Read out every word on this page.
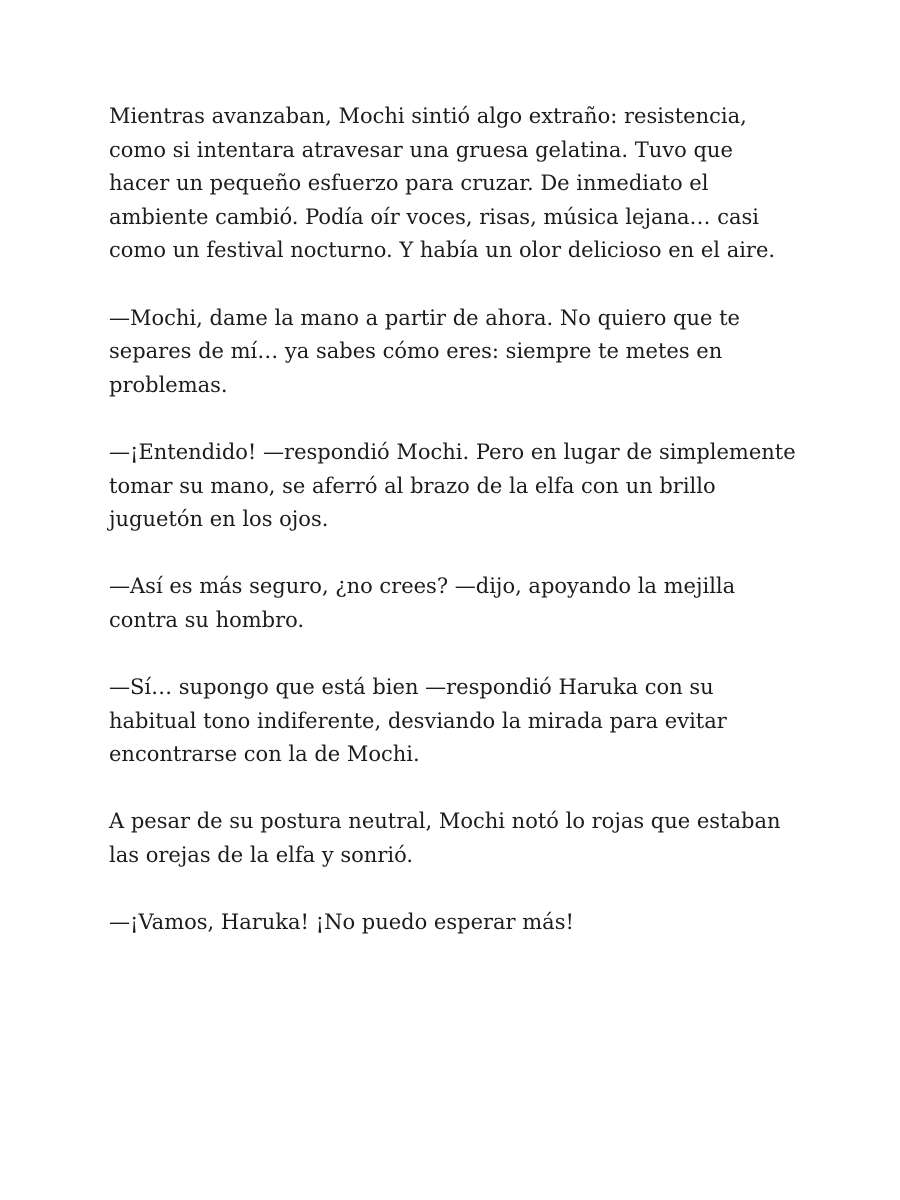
Mientras avanzaban, Mochi sintió algo extraño: resistencia, como si intentara atravesar una gruesa gelatina. Tuvo que hacer un pequeño esfuerzo para cruzar. De inmediato el ambiente cambió. Podía oír voces, risas, música lejana… casi como un festival nocturno. Y había un olor delicioso en el aire.

—Mochi, dame la mano a partir de ahora. No quiero que te separes de mí… ya sabes cómo eres: siempre te metes en problemas.

—¡Entendido! —respondió Mochi. Pero en lugar de simplemente tomar su mano, se aferró al brazo de la elfa con un brillo juguetón en los ojos.

—Así es más seguro, ¿no crees? —dijo, apoyando la mejilla contra su hombro.

—Sí… supongo que está bien —respondió Haruka con su habitual tono indiferente, desviando la mirada para evitar encontrarse con la de Mochi.

A pesar de su postura neutral, Mochi notó lo rojas que estaban las orejas de la elfa y sonrió.

—¡Vamos, Haruka! ¡No puedo esperar más!
